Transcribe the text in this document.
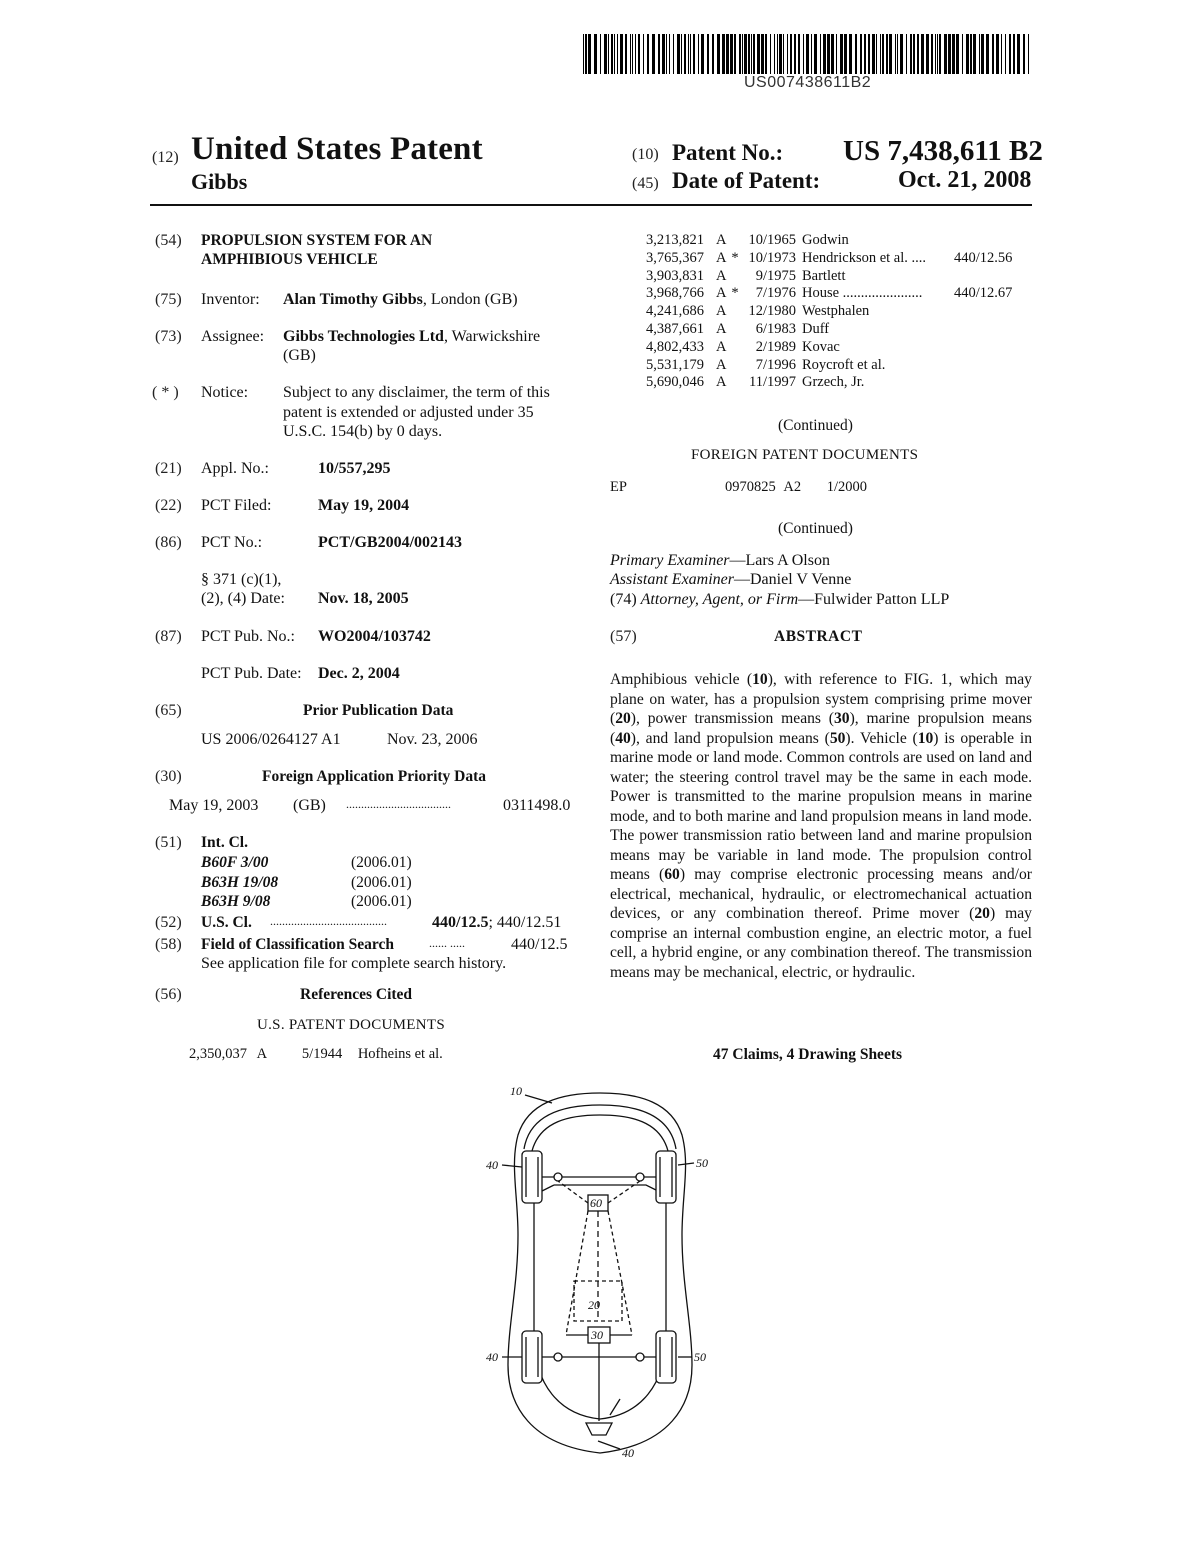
US007438611B2
(12) United States Patent
Gibbs
(10) Patent No.: US 7,438,611 B2
(45) Date of Patent:	Oct. 21, 2008
(54) PROPULSION SYSTEM FOR AN
AMPHIBIOUS VEHICLE
(75) Inventor: Alan Timothy Gibbs, London (GB)
(73) Assignee: Gibbs Technologies Ltd, Warwickshire
(GB)
( * ) Notice: Subject to any disclaimer, the term of this
patent is extended or adjusted under 35
U.S.C. 154(b) by 0 days.
(21) Appl. No.:	10/557,295
(22) PCT Filed:	May 19, 2004
(86) PCT No.:	PCT/GB2004/002143
§ 371 (c)(1),
(2), (4) Date: Nov. 18, 2005
(87) PCT Pub. No.: WO2004/103742
PCT Pub. Date: Dec. 2, 2004
(65)	Prior Publication Data
US 2006/0264127 A1	Nov. 23, 2006
(30)	Foreign Application Priority Data
May 19, 2003 (GB) ...................................	0311498.0
(51) Int. Cl.
B60F 3/00	(2006.01)
B63H 19/08	(2006.01)
B63H 9/08	(2006.01)
(52) U.S. Cl. .......................................	440/12.5; 440/12.51
(58) Field of Classification Search	...... .....	440/12.5
See application file for complete search history.
(56)	References Cited
U.S. PATENT DOCUMENTS
2,350,037 A 5/1944 Hofheins et al.
3,213,821	A		10/1965	Godwin	
3,765,367	A	*	10/1973	Hendrickson et al. ....	440/12.56
3,903,831	A		9/1975	Bartlett	
3,968,766	A	*	7/1976	House ......................	440/12.67
4,241,686	A		12/1980	Westphalen	
4,387,661	A		6/1983	Duff	
4,802,433	A		2/1989	Kovac	
5,531,179	A		7/1996	Roycroft et al.	
5,690,046	A		11/1997	Grzech, Jr.	
(Continued)
FOREIGN PATENT DOCUMENTS
EP	0970825 A2 1/2000
(Continued)
Primary Examiner—Lars A Olson
Assistant Examiner—Daniel V Venne
(74) Attorney, Agent, or Firm—Fulwider Patton LLP
(57)	ABSTRACT
Amphibious vehicle (10), with reference to FIG. 1, which may plane on water, has a propulsion system comprising prime mover (20), power transmission means (30), marine propulsion means (40), and land propulsion means (50). Vehicle (10) is operable in marine mode or land mode. Common controls are used on land and water; the steering control travel may be the same in each mode. Power is transmitted to the marine propulsion means in marine mode, and to both marine and land propulsion means in land mode. The power transmission ratio between land and marine propulsion means may be variable in land mode. The propulsion control means (60) may comprise electronic processing means and/or electrical, mechanical, hydraulic, or electromechanical actuation devices, or any combination thereof. Prime mover (20) may comprise an internal combustion engine, an electric motor, a fuel cell, a hybrid engine, or any combination thereof. The transmission means may be mechanical, electric, or hydraulic.
47 Claims, 4 Drawing Sheets
10
40	50
60
20
30
40	50
40
